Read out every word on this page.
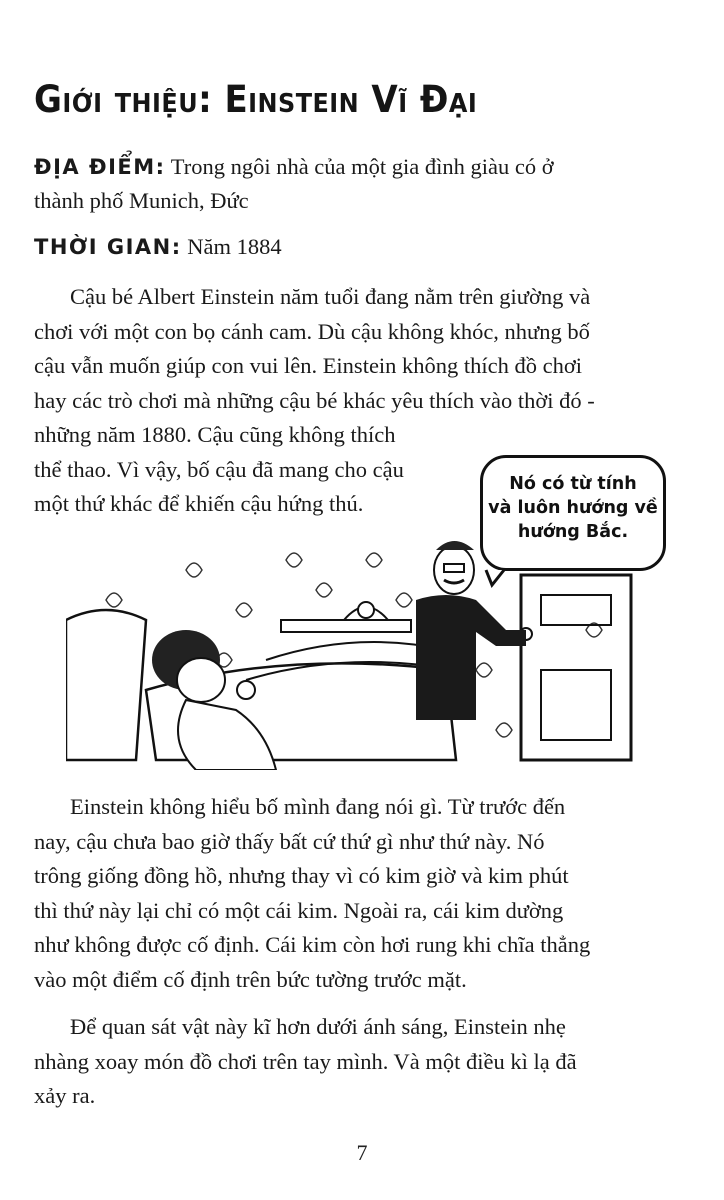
Giới thiệu: Einstein Vĩ Đại

ĐỊA ĐIỂM: Trong ngôi nhà của một gia đình giàu có ở
thành phố Munich, Đức

THỜI GIAN: Năm 1884

Cậu bé Albert Einstein năm tuổi đang nằm trên giường và
chơi với một con bọ cánh cam. Dù cậu không khóc, nhưng bố
cậu vẫn muốn giúp con vui lên. Einstein không thích đồ chơi
hay các trò chơi mà những cậu bé khác yêu thích vào thời đó -
những năm 1880. Cậu cũng không thích
thể thao. Vì vậy, bố cậu đã mang cho cậu
một thứ khác để khiến cậu hứng thú.

Nó có từ tính
và luôn hướng về
hướng Bắc.

Einstein không hiểu bố mình đang nói gì. Từ trước đến
nay, cậu chưa bao giờ thấy bất cứ thứ gì như thứ này. Nó
trông giống đồng hồ, nhưng thay vì có kim giờ và kim phút
thì thứ này lại chỉ có một cái kim. Ngoài ra, cái kim dường
như không được cố định. Cái kim còn hơi rung khi chĩa thẳng
vào một điểm cố định trên bức tường trước mặt.

Để quan sát vật này kĩ hơn dưới ánh sáng, Einstein nhẹ
nhàng xoay món đồ chơi trên tay mình. Và một điều kì lạ đã
xảy ra.

7
